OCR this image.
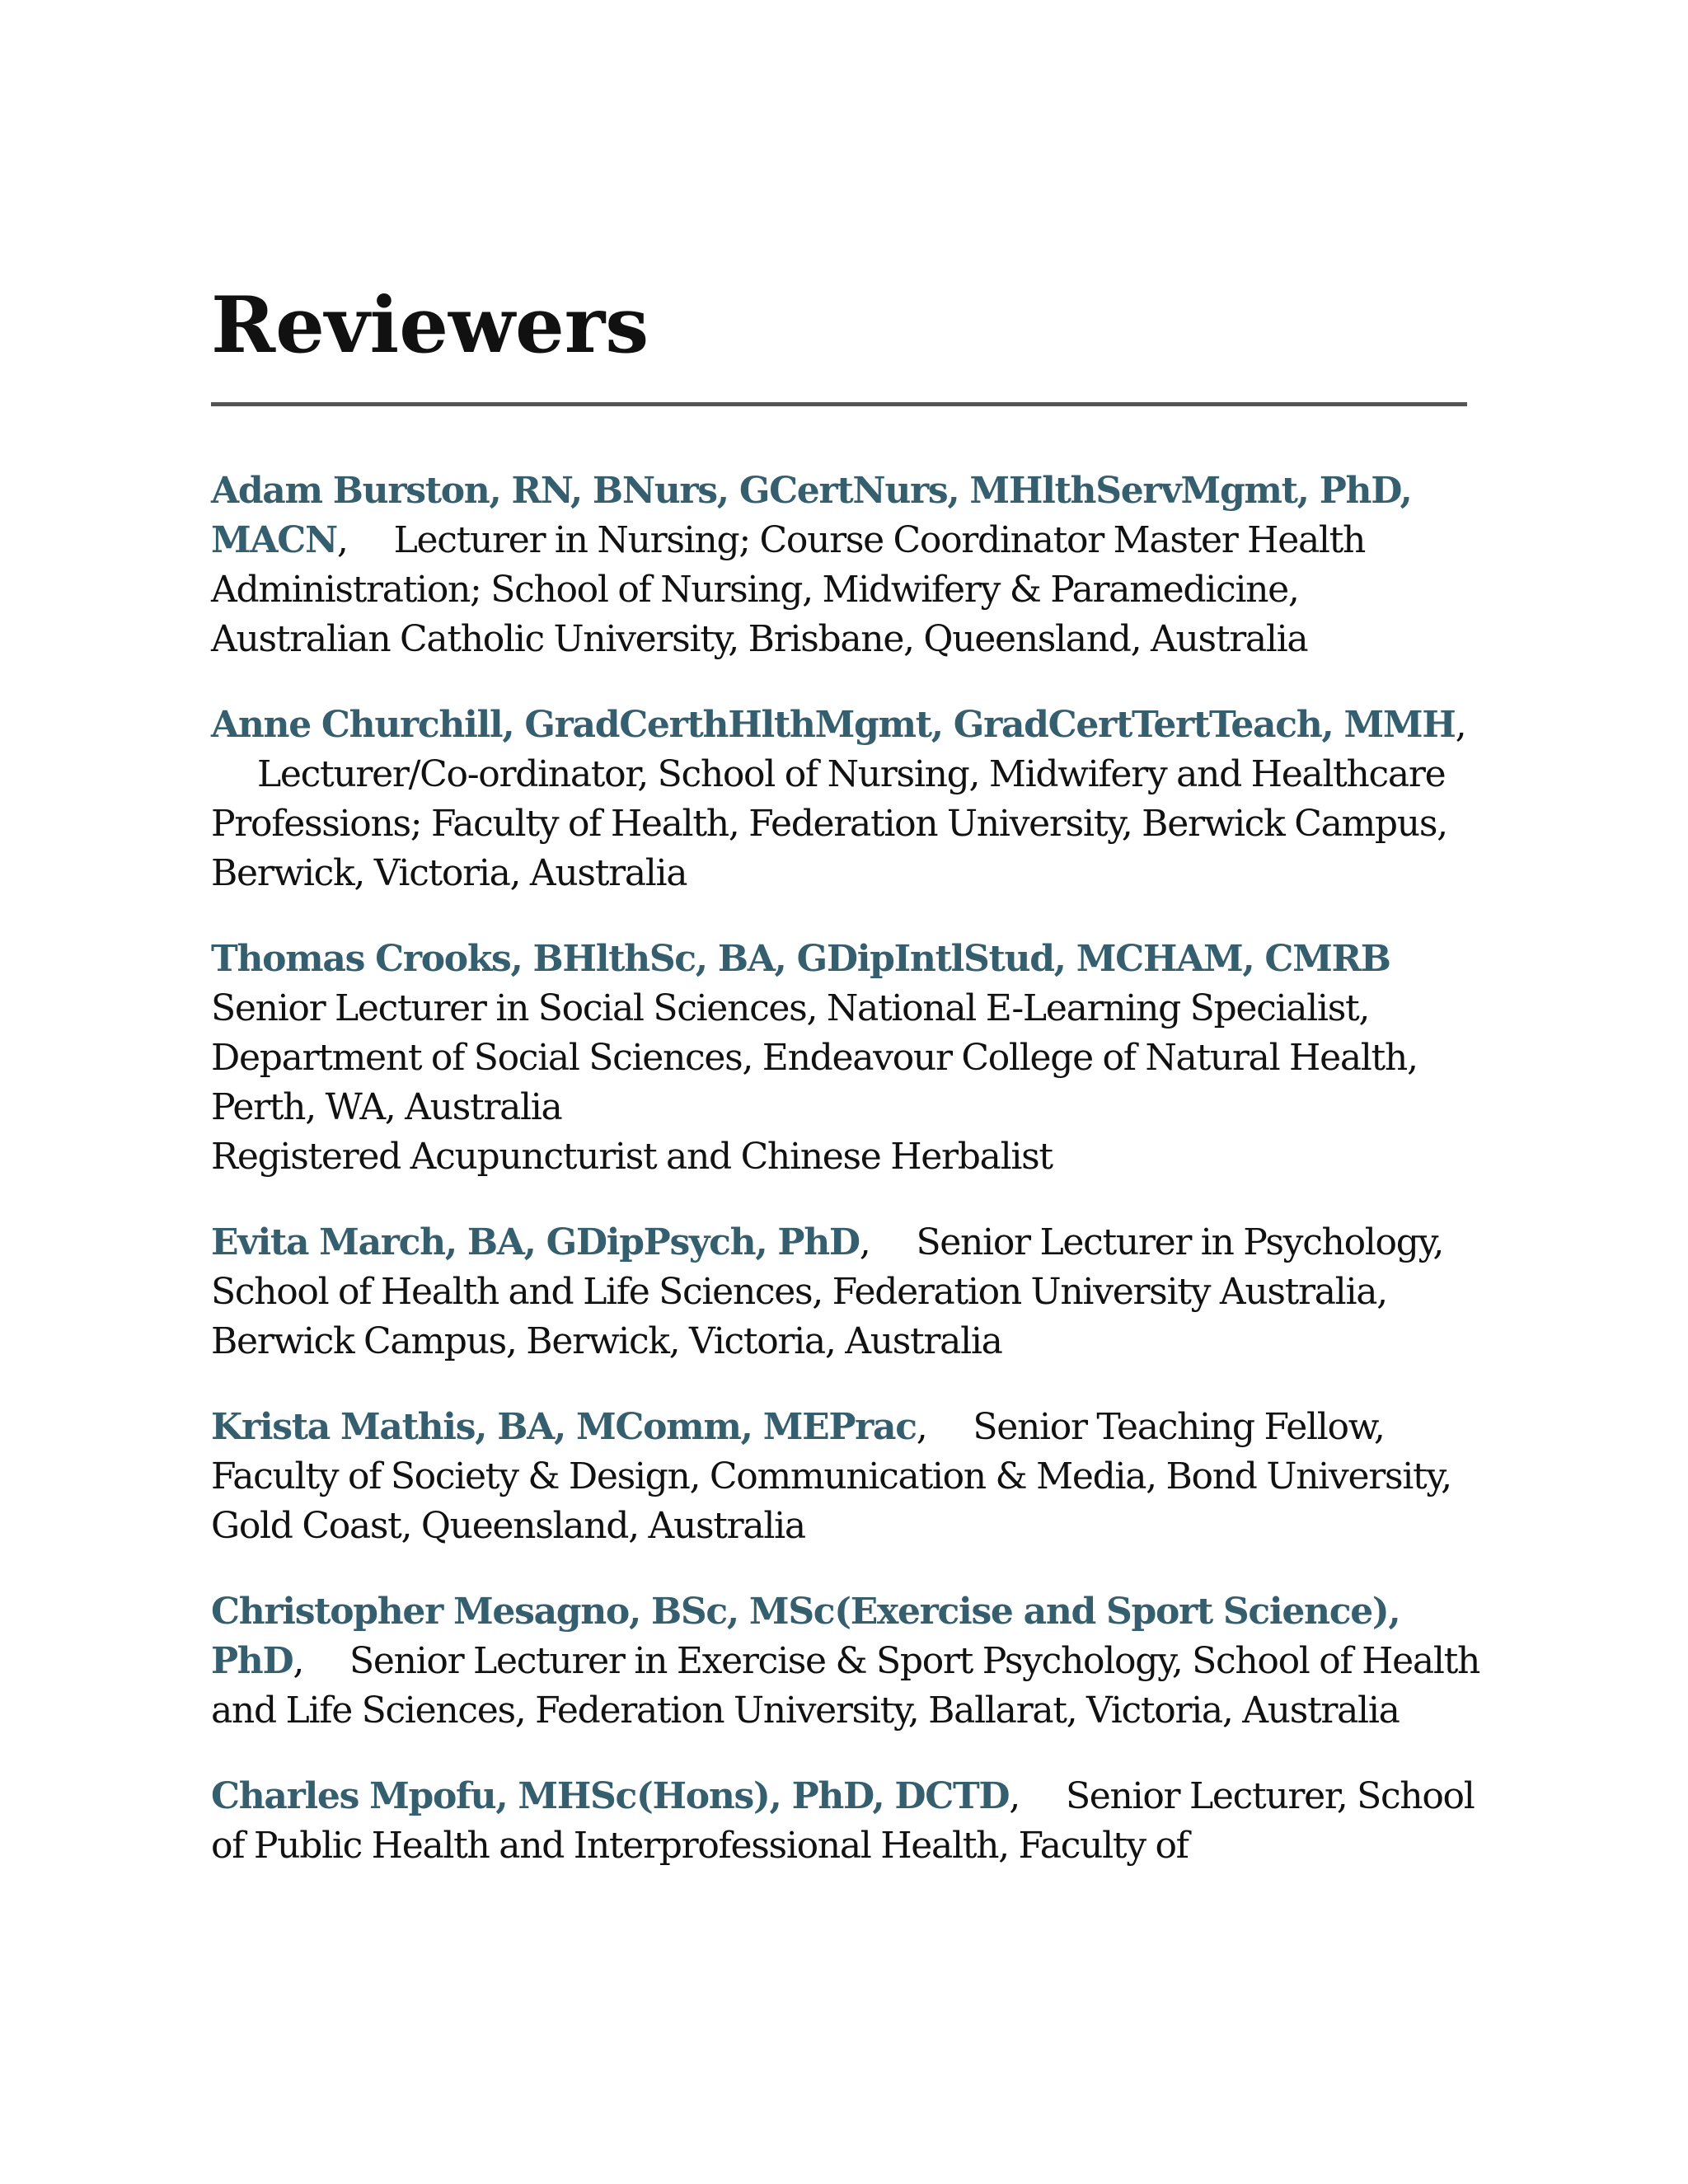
Reviewers

Adam Burston, RN, BNurs, GCertNurs, MHlthServMgmt, PhD, MACN, Lecturer in Nursing; Course Coordinator Master Health Administration; School of Nursing, Midwifery & Paramedicine, Australian Catholic University, Brisbane, Queensland, Australia

Anne Churchill, GradCerthHlthMgmt, GradCertTertTeach, MMH,Lecturer/Co-ordinator, School of Nursing, Midwifery and Healthcare Professions; Faculty of Health, Federation University, Berwick Campus, Berwick, Victoria, Australia

Thomas Crooks, BHlthSc, BA, GDipIntlStud, MCHAM, CMRB
Senior Lecturer in Social Sciences, National E-Learning Specialist, Department of Social Sciences, Endeavour College of Natural Health, Perth, WA, Australia
Registered Acupuncturist and Chinese Herbalist

Evita March, BA, GDipPsych, PhD, Senior Lecturer in Psychology, School of Health and Life Sciences, Federation University Australia, Berwick Campus, Berwick, Victoria, Australia

Krista Mathis, BA, MComm, MEPrac, Senior Teaching Fellow, Faculty of Society & Design, Communication & Media, Bond University, Gold Coast, Queensland, Australia

Christopher Mesagno, BSc, MSc(Exercise and Sport Science), PhD, Senior Lecturer in Exercise & Sport Psychology, School of Health and Life Sciences, Federation University, Ballarat, Victoria, Australia

Charles Mpofu, MHSc(Hons), PhD, DCTD, Senior Lecturer, School of Public Health and Interprofessional Health, Faculty of
